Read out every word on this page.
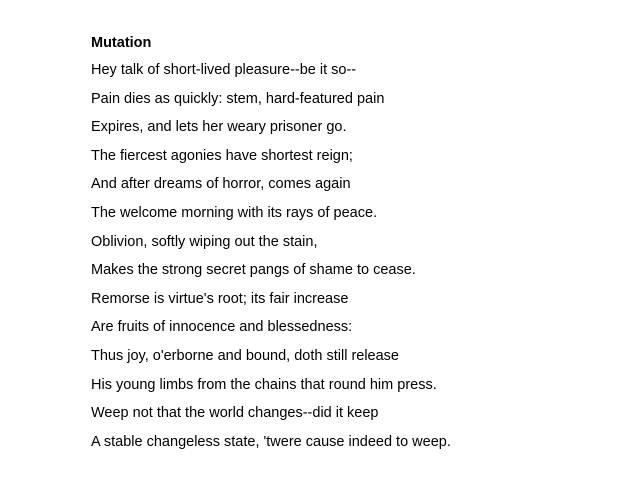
Mutation
Hey talk of short-lived pleasure--be it so--
Pain dies as quickly: stem, hard-featured pain
Expires, and lets her weary prisoner go.
The fiercest agonies have shortest reign;
And after dreams of horror, comes again
The welcome morning with its rays of peace.
Oblivion, softly wiping out the stain,
Makes the strong secret pangs of shame to cease.
Remorse is virtue's root; its fair increase
Are fruits of innocence and blessedness:
Thus joy, o'erborne and bound, doth still release
His young limbs from the chains that round him press.
Weep not that the world changes--did it keep
A stable changeless state, 'twere cause indeed to weep.
